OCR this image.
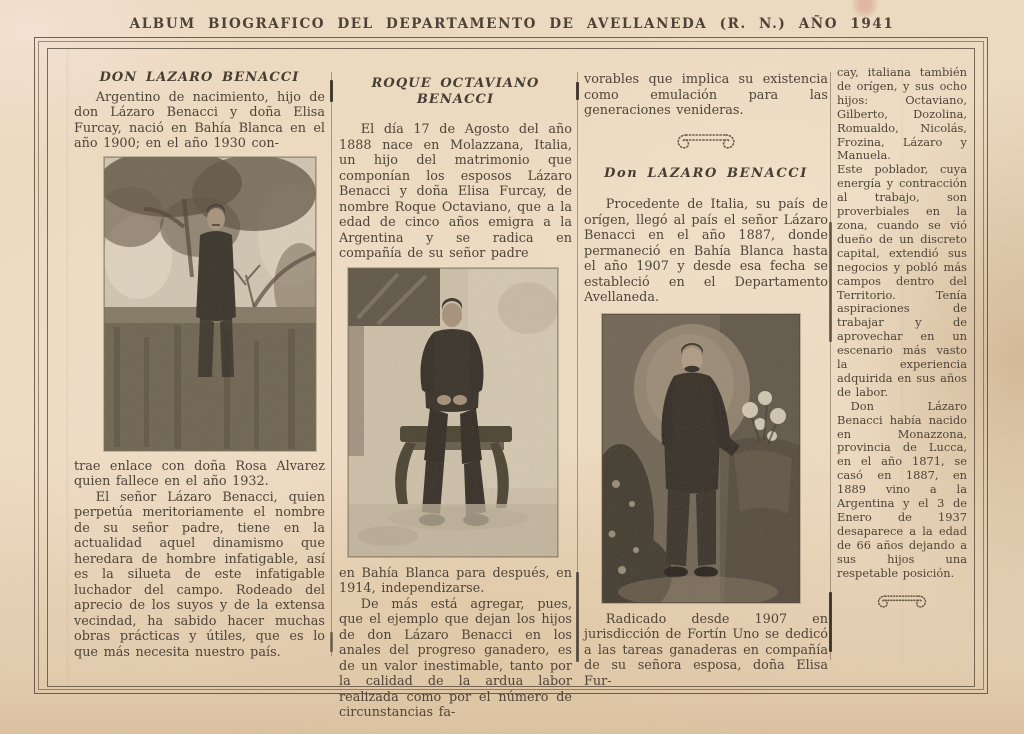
ALBUM BIOGRAFICO DEL DEPARTAMENTO DE AVELLANEDA (R. N.) AÑO 1941
DON LAZARO BENACCI

Argentino de nacimiento, hijo de don Lázaro Benacci y doña Elisa Furcay, nació en Bahía Blanca en el año 1900; en el año 1930 con-

trae enlace con doña Rosa Alvarez quien fallece en el año 1932.

El señor Lázaro Benacci, quien perpetúa meritoriamente el nombre de su señor padre, tiene en la actualidad aquel dinamismo que heredara de hombre infatigable, así es la silueta de este infatigable luchador del campo. Rodeado del aprecio de los suyos y de la extensa vecindad, ha sabido hacer muchas obras prácticas y útiles, que es lo que más necesita nuestro país.

ROQUE OCTAVIANO BENACCI

El día 17 de Agosto del año 1888 nace en Molazzana, Italia, un hijo del matrimonio que componían los esposos Lázaro Benacci y doña Elisa Furcay, de nombre Roque Octaviano, que a la edad de cinco años emigra a la Argentina y se radica en compañía de su señor padre

en Bahía Blanca para después, en 1914, independizarse.

De más está agregar, pues, que el ejemplo que dejan los hijos de don Lázaro Benacci en los anales del progreso ganadero, es de un valor inestimable, tanto por la calidad de la ardua labor realizada como por el número de circunstancias fa-

vorables que implica su existencia como emulación para las generaciones venideras.

Don LAZARO BENACCI

Procedente de Italia, su país de orígen, llegó al país el señor Lázaro Benacci en el año 1887, donde permaneció en Bahía Blanca hasta el año 1907 y desde esa fecha se estableció en el Departamento Avellaneda.

Radicado desde 1907 en jurisdicción de Fortín Uno se dedicó a las tareas ganaderas en compañía de su señora esposa, doña Elisa Fur-

cay, italiana también de orígen, y sus ocho hijos: Octaviano, Gilberto, Dozolina, Romualdo, Nicolás, Frozina, Lázaro y Manuela.

Este poblador, cuya energía y contracción al trabajo, son proverbiales en la zona, cuando se vió dueño de un discreto capital, extendió sus negocios y pobló más campos dentro del Territorio. Tenía aspiraciones de trabajar y de aprovechar en un escenario más vasto la experiencia adquirida en sus años de labor.

Don Lázaro Benacci había nacido en Monazzona, provincia de Lucca, en el año 1871, se casó en 1887, en 1889 vino a la Argentina y el 3 de Enero de 1937 desaparece a la edad de 66 años dejando a sus hijos una respetable posición.
